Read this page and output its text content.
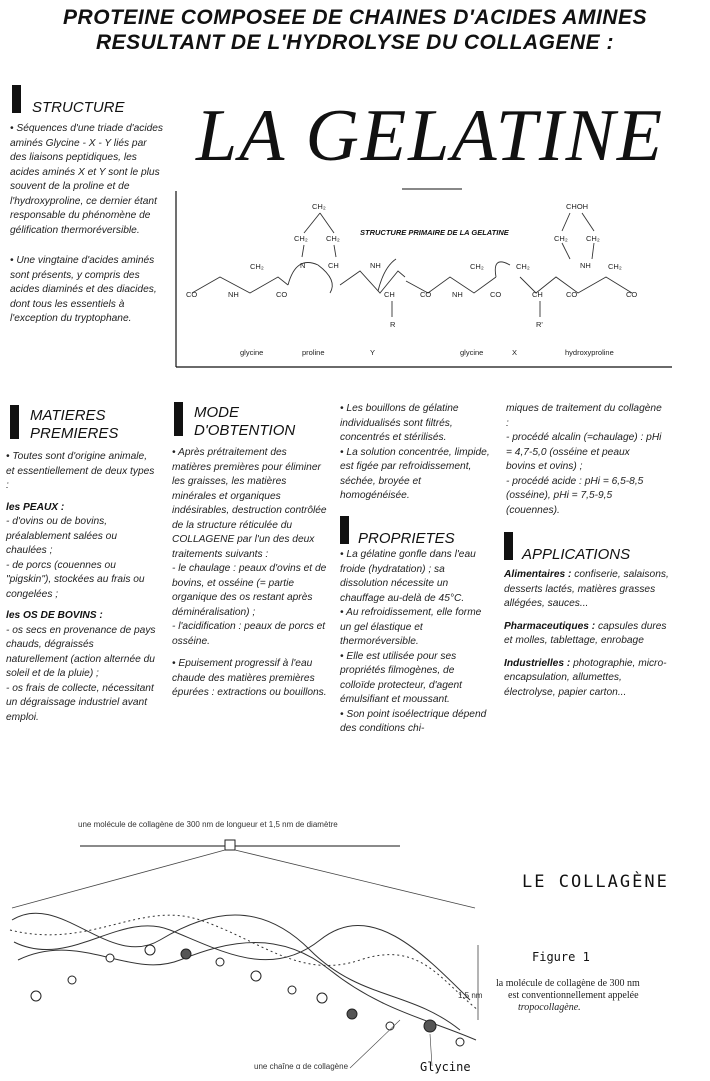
PROTEINE COMPOSEE DE CHAINES D'ACIDES AMINES
RESULTANT DE L'HYDROLYSE DU COLLAGENE :
LA GELATINE
STRUCTURE

• Séquences d'une triade d'acides aminés Glycine - X - Y liés par des liaisons peptidiques, les acides aminés X et Y sont le plus souvent de la proline et de l'hydroxyproline, ce dernier étant responsable du phénomène de gélification thermoréversible.

• Une vingtaine d'acides aminés sont présents, y compris des acides diaminés et des diacides, dont tous les essentiels à l'exception du tryptophane.

STRUCTURE PRIMAIRE DE LA GELATINE
CO	NH	CO	CH	CO	NH	CO	CH	CO	CO
N	CH	NH
R	R'
CH₂
CH₂ CH₂
CH₂	CH₂	CH₂	CH₂
CHOH
CH₂ CH₂
NH
glycine	proline	Y	glycine	X	hydroxyproline
MATIERES
PREMIERES

• Toutes sont d'origine animale, et essentiellement de deux types :

les PEAUX :

- d'ovins ou de bovins, préalablement salées ou chaulées ;

- de porcs (couennes ou "pigskin"), stockées au frais ou congelées ;

les OS DE BOVINS :

- os secs en provenance de pays chauds, dégraissés naturellement (action alternée du soleil et de la pluie) ;

- os frais de collecte, nécessitant un dégraissage industriel avant emploi.

MODE
D'OBTENTION

• Après prétraitement des matières premières pour éliminer les graisses, les matières minérales et organiques indésirables, destruction contrôlée de la structure réticulée du COLLAGENE par l'un des deux traitements suivants :

- le chaulage : peaux d'ovins et de bovins, et osséine (= partie organique des os restant après déminéralisation) ;

- l'acidification : peaux de porcs et osséine.

• Epuisement progressif à l'eau chaude des matières premières épurées : extractions ou bouillons.

• Les bouillons de gélatine individualisés sont filtrés, concentrés et stérilisés.

• La solution concentrée, limpide, est figée par refroidissement, séchée, broyée et homogénéisée.

PROPRIETES

• La gélatine gonfle dans l'eau froide (hydratation) ; sa dissolution nécessite un chauffage au-delà de 45°C.

• Au refroidissement, elle forme un gel élastique et thermoréversible.

• Elle est utilisée pour ses propriétés filmogènes, de colloïde protecteur, d'agent émulsifiant et moussant.

• Son point isoélectrique dépend des conditions chi-

miques de traitement du collagène :

- procédé alcalin (=chaulage) : pHi = 4,7-5,0 (osséine et peaux bovins et ovins) ;

- procédé acide : pHi = 6,5-8,5 (osséine), pHi = 7,5-9,5 (couennes).

APPLICATIONS

Alimentaires : confiserie, salaisons, desserts lactés, matières grasses allégées, sauces...

Pharmaceutiques : capsules dures et molles, tablettage, enrobage

Industrielles : photographie, micro-encapsulation, allumettes, électrolyse, papier carton...

une molécule de collagène de 300 nm de longueur et 1,5 nm de diamètre
1,5 nm
LE COLLAGÈNE
Figure 1
la molécule de collagène de 300 nm
est conventionnellement appelée
tropocollagène.
une chaîne α de collagène	Glycine
